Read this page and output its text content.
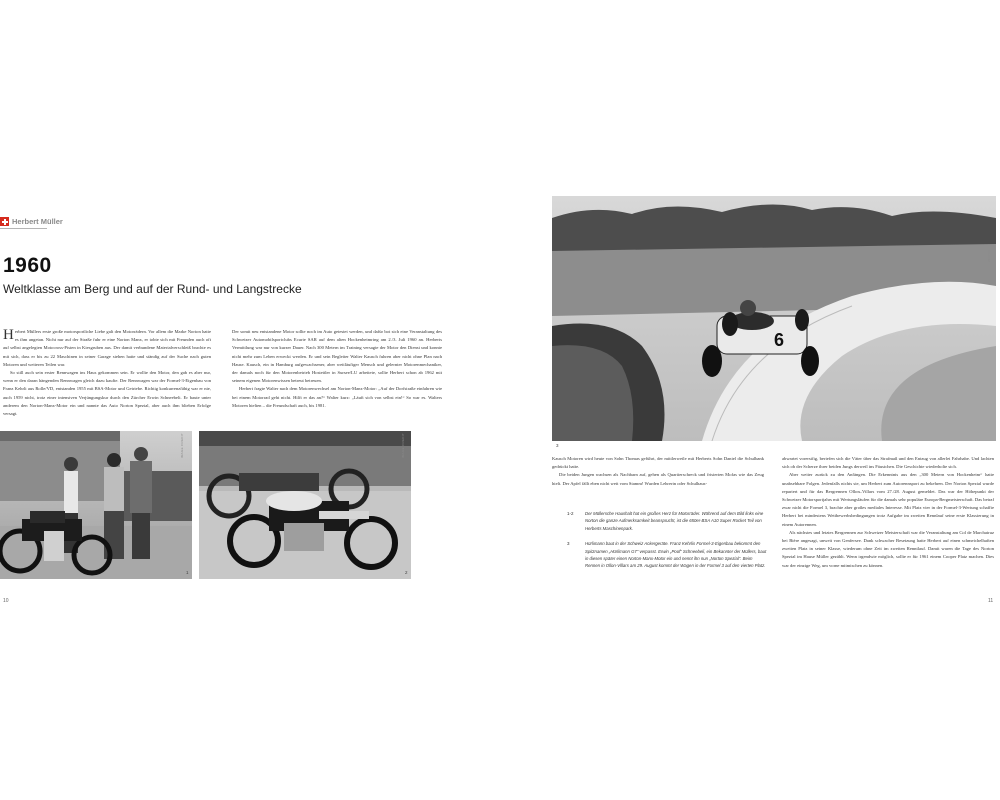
Herbert Müller
1960
Weltklasse am Berg und auf der Rund- und Langstrecke
H erbert Müllers erste große motorsportliche Liebe galt den Motorrädern. Vor allem die Marke Norton hatte es ihm angetan. Nicht nur auf der Straße fuhr er eine Norton Manx, er tobte sich mit Freunden auch oft auf selbst angelegten Motocross-Pisten in Kiesgruben aus. Der damit verbundene Materialverschleiß brachte es mit sich, dass er bis zu 22 Maschinen in seiner Garage stehen hatte und ständig auf der Suche nach guten Motoren und weiteren Teilen war.

So still auch sein erster Rennwagen ins Haus gekommen sein. Er wollte den Motor, den gab es aber nur, wenn er den daran hängenden Rennwagen gleich dazu kaufte. Der Rennwagen war der Formel-3-Eigenbau von Franz Kehrli aus Rolle/VD, entstanden 1955 mit BSA-Motor und Getriebe. Richtig konkurrenzfähig war er nie, auch 1959 nicht, trotz einer intensiven Verjüngungskur durch den Zürcher Erwin Schneebeli. Er baute unter anderem den Norton-Manx-Motor ein und nannte das Auto Norton Spezial, aber auch ihm blieben Erfolge versagt.

Der somit neu entstandene Motor sollte noch im Auto getestet werden, und dafür bot sich eine Veranstaltung des Schweizer Automobilsportclubs Ecurie SAR auf dem alten Hockenheimring am 2./3. Juli 1960 an. Herberts Vermittlung war nur von kurzer Dauer. Nach 300 Metern im Training versagte der Motor den Dienst und konnte nicht mehr zum Leben erweckt werden. Er und sein Begleiter Walter Kausch fuhren aber nicht ohne Plan nach Hause. Kausch, ein in Hamburg aufgewachsener, aber weitläufiger Mensch und gelernter Motorenmechaniker, der damals noch für den Motorenbetrieb Hostettler in Sursee/LU arbeitete, sollte Herbert schon ab 1962 mit seinem eigenen Motorenwissen betreut betreuen.

Herbert fragte Walter nach dem Motorenwechsel am Norton-Manx-Motor: „Auf der Dorfstraße einfahren wie bei einem Motorrad geht nicht. Hilft er das an?“ Walter kurz: „Läuft sich von selbst ein!“ So war es. Walters Motoren hielten – die Freundschaft auch, bis 1981.

IMAGE CREDIT
1
IMAGE CREDIT
2
10
6
PHOTO
3

Kausch Motoren wird heute von Sohn Thomas geführt, der mittlerweile mit Herberts Sohn Daniel die Schulbank gedrückt hatte.

Die beiden Jungen wachsen als Nachbarn auf, gehen als Quartierschreck und frisierten Mofas wie das Zeug hielt. Der Apfel fällt eben nicht weit vom Stamm! Wurden Lehrerin oder Schulhaus-

1-2	Der Müllersche Haushalt hat ein großes Herz für Motorräder. Während auf dem Bild links eine Norton die ganze Aufmerksamkeit beansprucht, ist die 650er-BSA A10 Super Rocket Teil von Herberts Maschinenpark.
3	Hürlimann baut in der Schweiz Ackergeräte. Franz Kehrlis Formel-3-Eigenbau bekommt den Spitznamen „Hürlimann G7“ verpasst. Erwin „Poof“ Schneebeli, ein Bekannter der Müllers, baut in diesen später einen Norton-Manx-Motor ein und nennt ihn nun „Norton Spezial“. Beim Rennen in Ollon-Villars am 29. August kommt der Wagen in der Formel 3 auf den vierten Platz.

abwartet vorerstfig, beriefen sich die Väter über das Strafmaß und den Entzug von allerlei Fahrhabe. Und lachten sich ob der Scherze ihrer beiden Jungs derweil ins Fäustchen. Die Geschichte wiederholte sich.

Aber weiter zurück zu den Anfängen. Die Erkenntnis aus den „300 Metern von Hockenheim“ hatte unabsehbare Folgen. Jedenfalls nichts sie, um Herbert zum Autorennsport zu bekehren. Der Norton Spezial wurde repariert und für das Bergrennen Ollon–Villars vom 27./28. August gemeldet. Das war der Höhepunkt der Schweizer Motorsportjahrs mit Wertungsläufen für die damals sehr populäre Europa-Bergmeisterschaft. Das betraf zwar nicht die Formel 3, brachte aber großes mediales Interesse. Mit Platz vier in der Formel-3-Wertung schaffte Herbert bei mindestens Wettbewerbsbedingungen trotz Aufgabe im zweiten Rennlauf seine erste Klassierung in einem Autorennen.

Als nächstes und letztes Bergrennen zur Schweizer Meisterschaft war die Veranstaltung am Col de Marchairuz bei Bière angesagt, unweit von Genfersee. Dank schwacher Besetzung hatte Herbert auf einen schmeichelhaften zweiten Platz in seiner Klasse, wiederum ohne Zeit im zweiten Renntlauf. Damit waren die Tage des Norton Spezial im Hause Müller gezählt. Wenn irgendwie möglich, sollte er für 1961 einem Cooper Platz machen. Dies war der einzige Weg, um vorne mitmischen zu können.

11
